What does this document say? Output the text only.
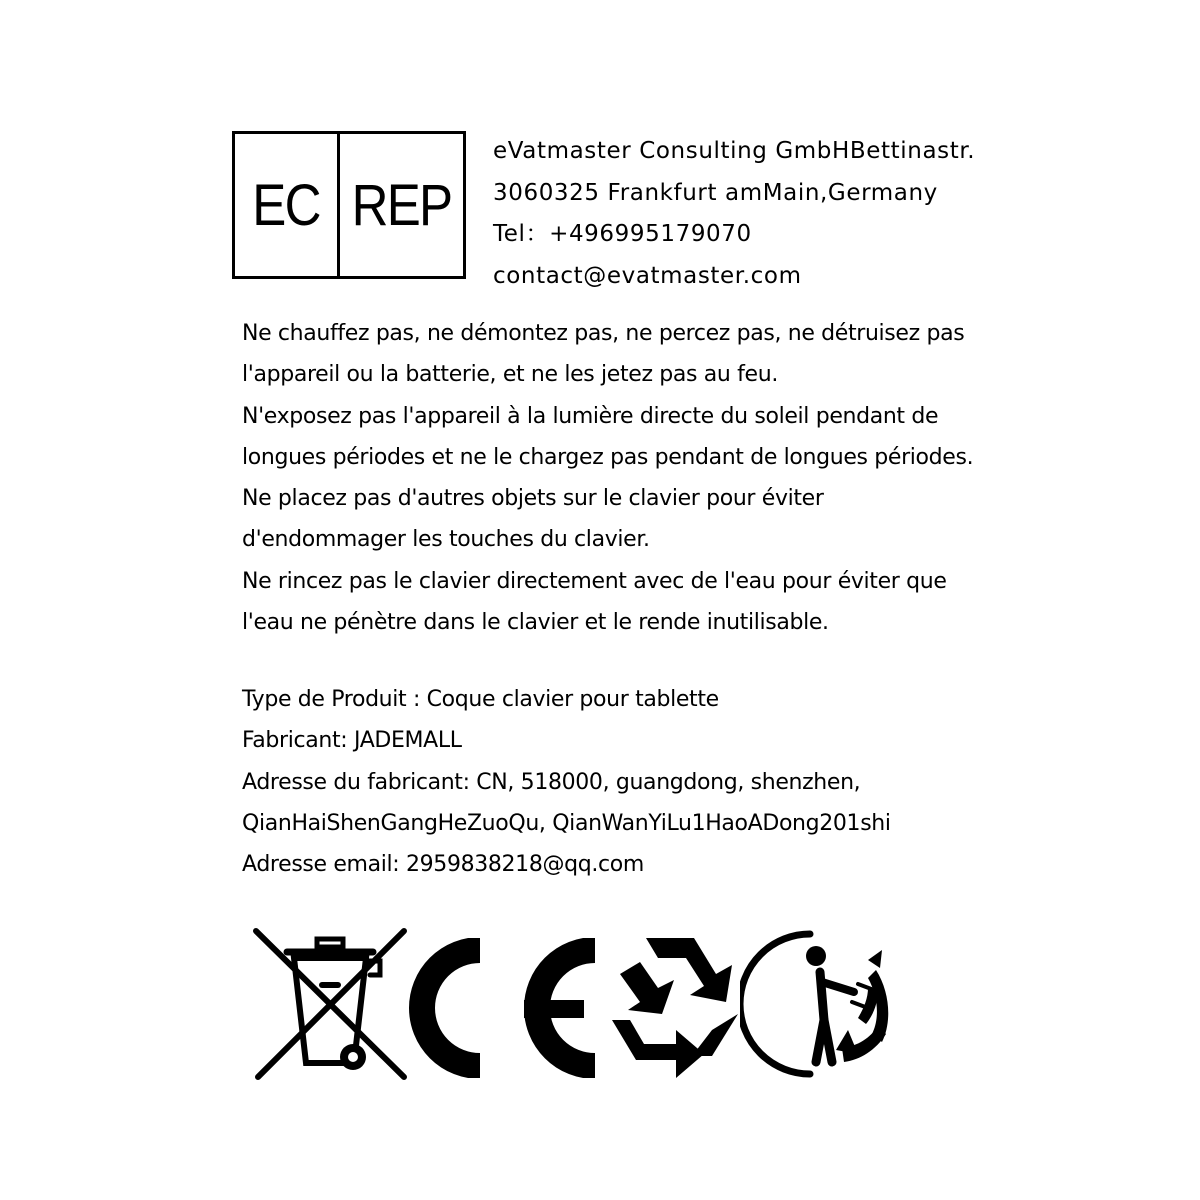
EC REP
eVatmaster Consulting GmbHBettinastr.
3060325 Frankfurt amMain,Germany
Tel：+496995179070
contact@evatmaster.com
Ne chauffez pas, ne démontez pas, ne percez pas, ne détruisez pas
l'appareil ou la batterie, et ne les jetez pas au feu.
N'exposez pas l'appareil à la lumière directe du soleil pendant de
longues périodes et ne le chargez pas pendant de longues périodes.
Ne placez pas d'autres objets sur le clavier pour éviter
d'endommager les touches du clavier.
Ne rincez pas le clavier directement avec de l'eau pour éviter que
l'eau ne pénètre dans le clavier et le rende inutilisable.
Type de Produit : Coque clavier pour tablette
Fabricant: JADEMALL
Adresse du fabricant: CN, 518000, guangdong, shenzhen,
QianHaiShenGangHeZuoQu, QianWanYiLu1HaoADong201shi
Adresse email: 2959838218@qq.com
